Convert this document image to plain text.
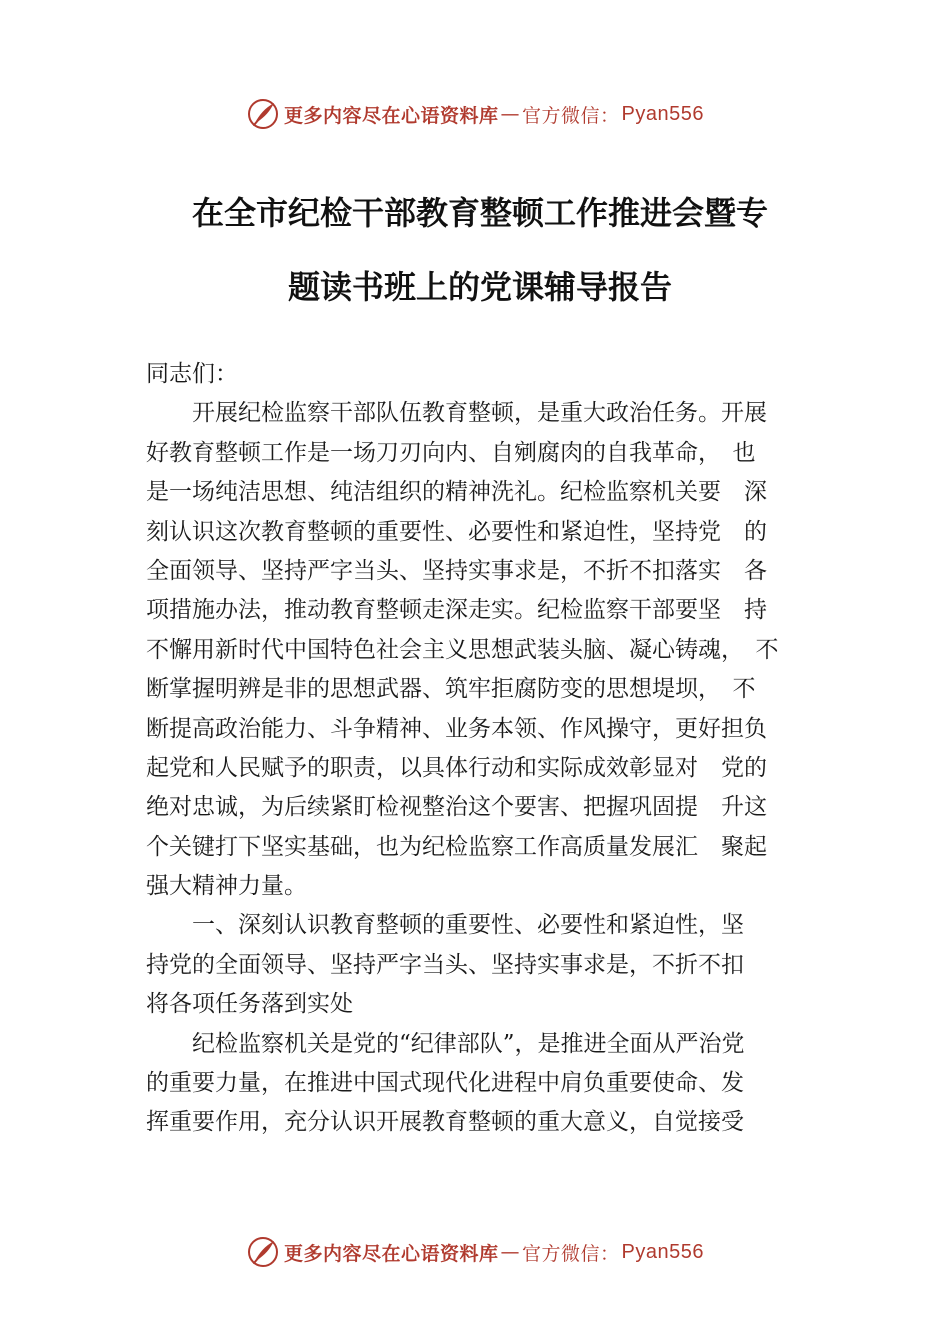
更多内容尽在心语资料库 — 官方微信： Pyan556
在全市纪检干部教育整顿工作推进会暨专
题读书班上的党课辅导报告
同志们：
　　开展纪检监察干部队伍教育整顿，是重大政治任务。开展
好教育整顿工作是一场刀刃向内、自剜腐肉的自我革命，　也
是一场纯洁思想、纯洁组织的精神洗礼。纪检监察机关要　深
刻认识这次教育整顿的重要性、必要性和紧迫性，坚持党　的
全面领导、坚持严字当头、坚持实事求是，不折不扣落实　各
项措施办法，推动教育整顿走深走实。纪检监察干部要坚　持
不懈用新时代中国特色社会主义思想武装头脑、凝心铸魂，　不
断掌握明辨是非的思想武器、筑牢拒腐防变的思想堤坝，　不
断提高政治能力、斗争精神、业务本领、作风操守，更好担负
起党和人民赋予的职责，以具体行动和实际成效彰显对　党的
绝对忠诚，为后续紧盯检视整治这个要害、把握巩固提　升这
个关键打下坚实基础，也为纪检监察工作高质量发展汇　聚起
强大精神力量。
　　一、深刻认识教育整顿的重要性、必要性和紧迫性，坚
持党的全面领导、坚持严字当头、坚持实事求是，不折不扣
将各项任务落到实处
　　纪检监察机关是党的“纪律部队”，是推进全面从严治党
的重要力量，在推进中国式现代化进程中肩负重要使命、发
挥重要作用，充分认识开展教育整顿的重大意义，自觉接受
更多内容尽在心语资料库 — 官方微信： Pyan556
